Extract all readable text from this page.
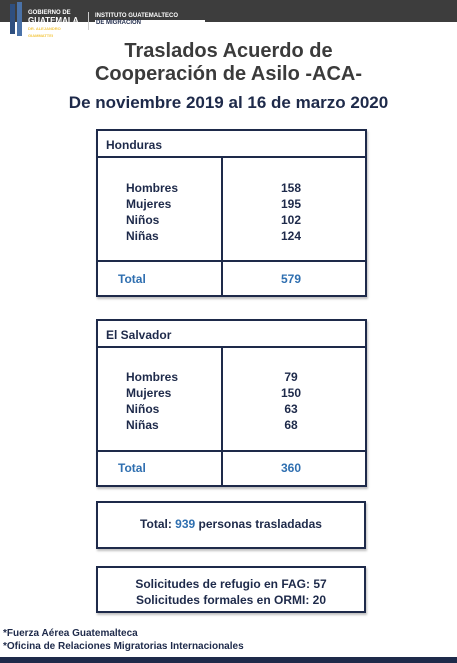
GOBIERNO DE
GUATEMALA
DR. ALEJANDRO GIAMMATTEI
INSTITUTO GUATEMALTECO
DE MIGRACIÓN
Traslados Acuerdo de
Cooperación de Asilo -ACA-
De noviembre 2019 al 16 de marzo 2020
Honduras
Hombres
Mujeres
Niños
Niñas
158
195
102
124
Total	579
El Salvador
Hombres
Mujeres
Niños
Niñas
79
150
63
68
Total	360
Total: 939 personas trasladadas
Solicitudes de refugio en FAG: 57
Solicitudes formales en ORMI: 20
*Fuerza Aérea Guatemalteca
*Oficina de Relaciones Migratorias Internacionales
